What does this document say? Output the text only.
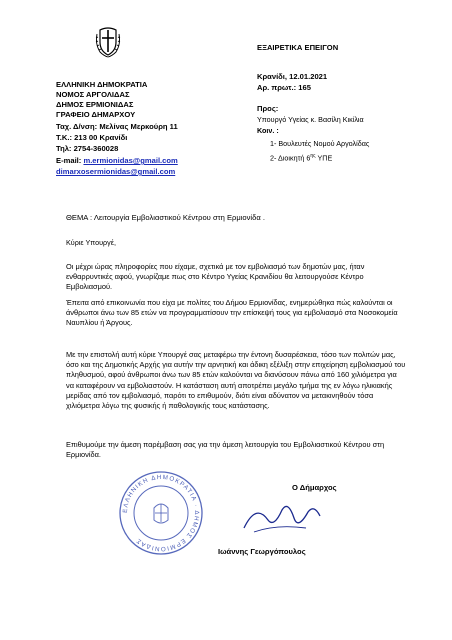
ΕΛΛΗΝΙΚΗ ΔΗΜΟΚΡΑΤΙΑ
ΝΟΜΟΣ ΑΡΓΟΛΙΔΑΣ
ΔΗΜΟΣ ΕΡΜΙΟΝΙΔΑΣ
ΓΡΑΦΕΙΟ ΔΗΜΑΡΧΟΥ
Ταχ. Δ/νση: Μελίνας Μερκούρη 11
Τ.Κ.: 213 00 Κρανίδι
Τηλ: 2754-360028
E-mail: m.ermionidas@gmail.com
dimarxosermionidas@gmail.com
ΕΞΑΙΡΕΤΙΚΑ ΕΠΕΙΓΟΝ
Κρανίδι, 12.01.2021
Αρ. πρωτ.: 165
Προς:
Υπουργό Υγείας κ. Βασίλη Κικίλια
Κοιν. :
1- Βουλευτές Νομού Αργολίδας
2- Διοικητή $6^{\eta\varsigma}$ ΥΠΕ
ΘΕΜΑ : Λειτουργία Εμβολιαστικού Κέντρου στη Ερμιονίδα .
Κύριε Υπουργέ,

Οι μέχρι ώρας πληροφορίες που είχαμε, σχετικά με τον εμβολιασμό των δημοτών μας, ήταν ενθαρρυντικές αφού, γνωρίζαμε πως στο Κέντρο Υγείας Κρανιδίου θα λειτουργούσε Κέντρο Εμβολιασμού.

Έπειτα από επικοινωνία που είχα με πολίτες του Δήμου Ερμιονίδας, ενημερώθηκα πώς καλούνται οι άνθρωποι άνω των 85 ετών να προγραμματίσουν την επίσκεψή τους για εμβολιασμό στα Νοσοκομεία Ναυπλίου ή Άργους.

Με την επιστολή αυτή κύριε Υπουργέ σας μεταφέρω την έντονη δυσαρέσκεια, τόσο των πολιτών μας, όσο και της Δημοτικής Αρχής για αυτήν την αρνητική και άδικη εξέλιξη στην επιχείρηση εμβολιασμού του πληθυσμού, αφού άνθρωποι άνω των 85 ετών καλούνται να διανύσουν πάνω από 160 χιλιόμετρα για να καταφέρουν να εμβολιαστούν. Η κατάσταση αυτή αποτρέπει μεγάλο τμήμα της εν λόγω ηλικιακής μερίδας από τον εμβολιασμό, παρότι το επιθυμούν, διότι είναι αδύνατον να μετακινηθούν τόσα χιλιόμετρα λόγω της φυσικής ή παθολογικής τους κατάστασης.

Επιθυμούμε την άμεση παρέμβαση σας για την άμεση λειτουργία του Εμβολιαστικού Κέντρου στη Ερμιονίδα.

ΕΛΛΗΝΙΚΗ ΔΗΜΟΚΡΑΤΙΑ · ΔΗΜΟΣ ΕΡΜΙΟΝΙΔΑΣ
Ο Δήμαρχος
Ιωάννης Γεωργόπουλος
